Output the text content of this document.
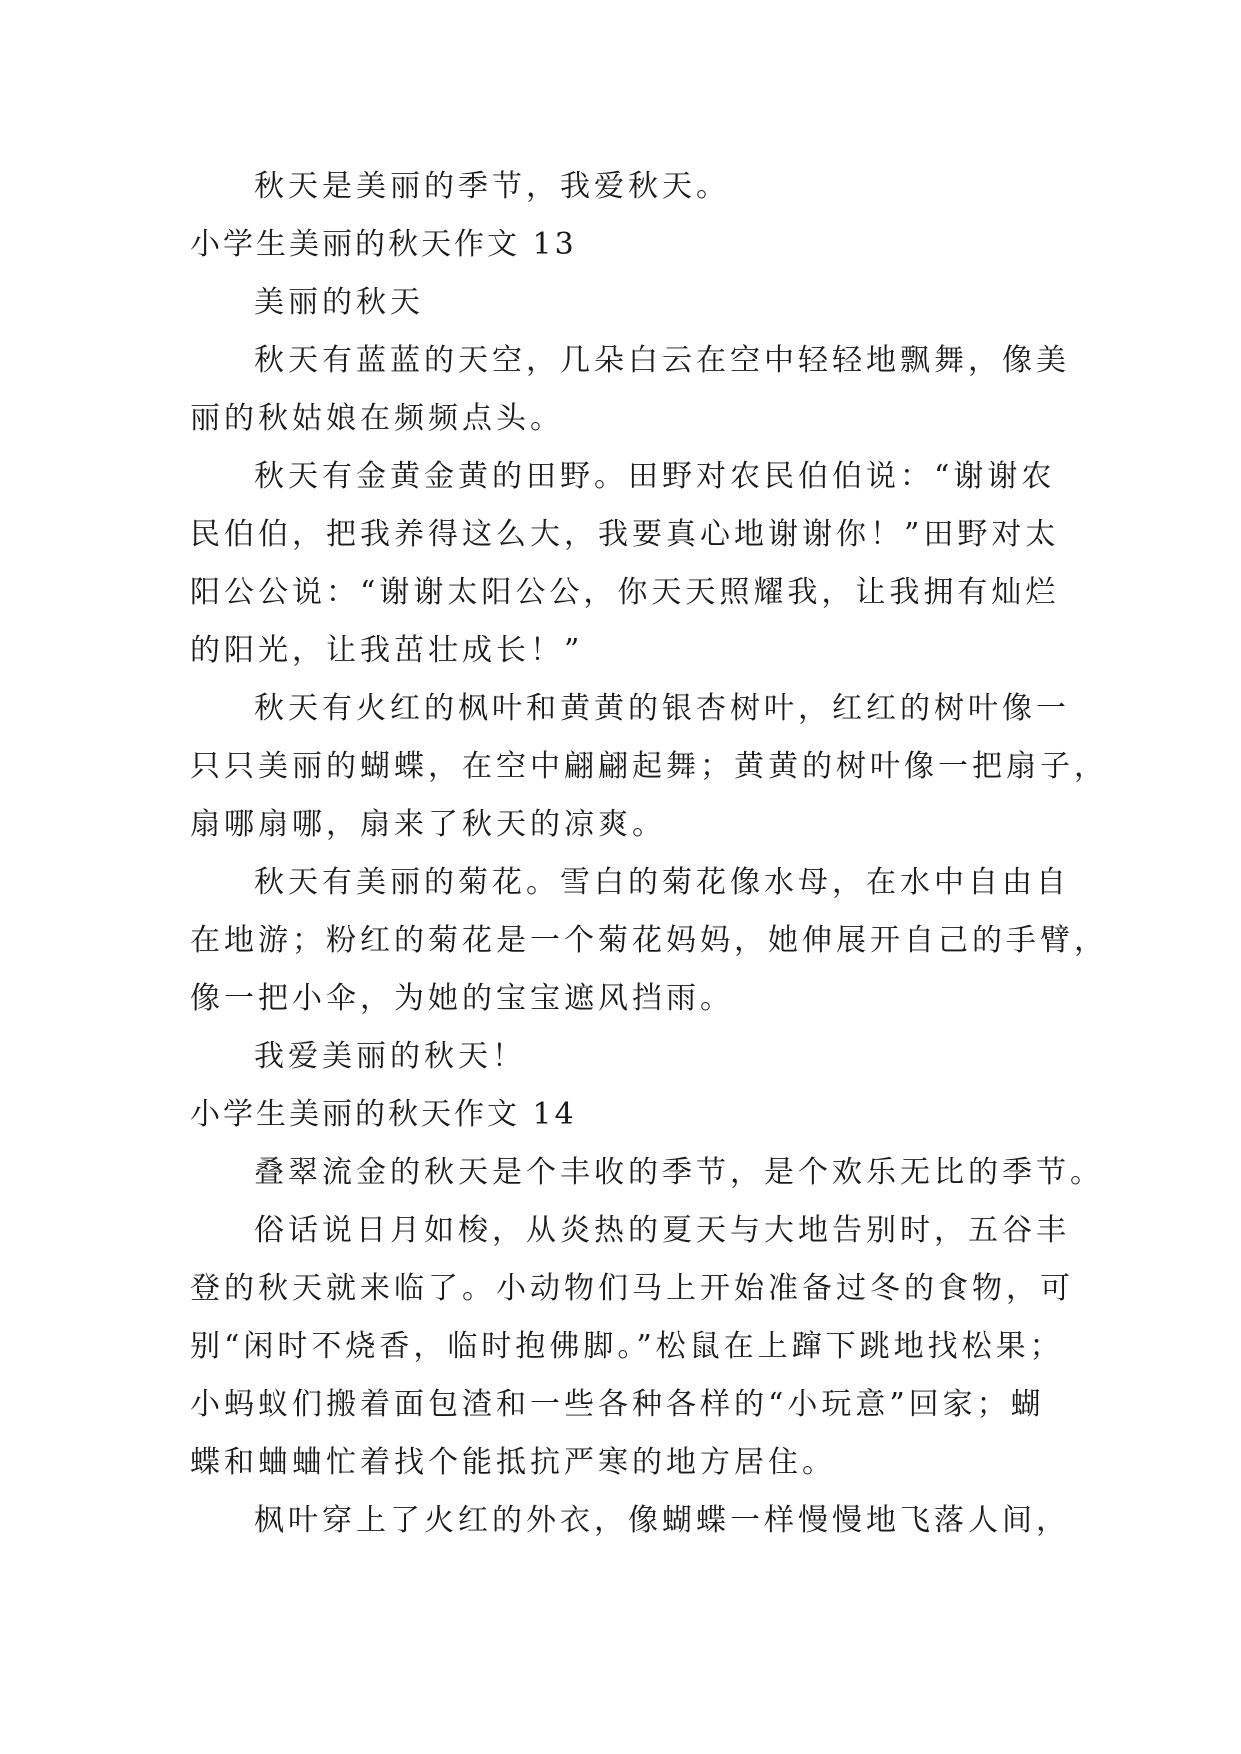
秋天是美丽的季节，我爱秋天。
小学生美丽的秋天作文 13
美丽的秋天
秋天有蓝蓝的天空，几朵白云在空中轻轻地飘舞，像美
丽的秋姑娘在频频点头。
秋天有金黄金黄的田野。田野对农民伯伯说：“谢谢农
民伯伯，把我养得这么大，我要真心地谢谢你！”田野对太
阳公公说：“谢谢太阳公公，你天天照耀我，让我拥有灿烂
的阳光，让我茁壮成长！”
秋天有火红的枫叶和黄黄的银杏树叶，红红的树叶像一
只只美丽的蝴蝶，在空中翩翩起舞；黄黄的树叶像一把扇子，
扇哪扇哪，扇来了秋天的凉爽。
秋天有美丽的菊花。雪白的菊花像水母，在水中自由自
在地游；粉红的菊花是一个菊花妈妈，她伸展开自己的手臂，
像一把小伞，为她的宝宝遮风挡雨。
我爱美丽的秋天！
小学生美丽的秋天作文 14
叠翠流金的秋天是个丰收的季节，是个欢乐无比的季节。
俗话说日月如梭，从炎热的夏天与大地告别时，五谷丰
登的秋天就来临了。小动物们马上开始准备过冬的食物，可
别“闲时不烧香，临时抱佛脚。”松鼠在上蹿下跳地找松果；
小蚂蚁们搬着面包渣和一些各种各样的“小玩意”回家；蝴
蝶和蛐蛐忙着找个能抵抗严寒的地方居住。
枫叶穿上了火红的外衣，像蝴蝶一样慢慢地飞落人间，
